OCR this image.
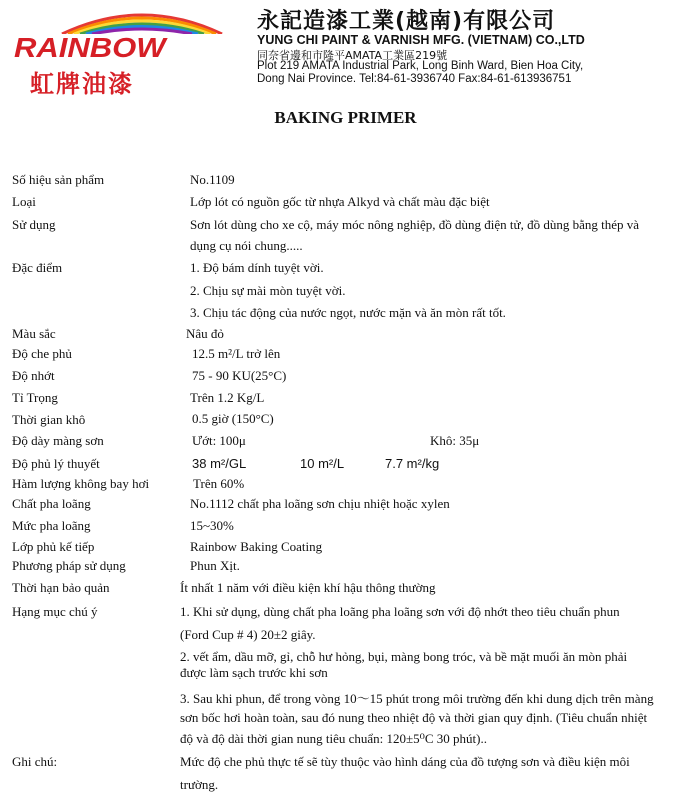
RAINBOW
虹牌油漆
永記造漆工業(越南)有限公司
YUNG CHI PAINT & VARNISH MFG. (VIETNAM) CO.,LTD
同奈省邊和市隆平AMATA工業區219號
Plot 219 AMATA Industrial Park, Long Binh Ward, Bien Hoa City,
Dong Nai Province. Tel:84-61-3936740 Fax:84-61-613936751
BAKING PRIMER
Số hiệu sản phẩm	No.1109
Loại	Lớp lót có nguồn gốc từ nhựa Alkyd và chất màu đặc biệt
Sử dụng	Sơn lót dùng cho xe cộ, máy móc nông nghiệp, đồ dùng điện tử, đồ dùng bằng thép và
dụng cụ nói chung.....
Đặc điểm	1. Độ bám dính tuyệt vời.
2. Chịu sự mài mòn tuyệt vời.
3. Chịu tác động của nước ngọt, nước mặn và ăn mòn rất tốt.
Màu sắc	Nâu đỏ
Độ che phủ	12.5 m²/L trở lên
Độ nhớt	75 - 90 KU(25°C)
Tỉ Trọng	Trên 1.2 Kg/L
Thời gian khô	0.5 giờ (150°C)
Độ dày màng sơn	Ướt: 100μ	Khô: 35μ
Độ phủ lý thuyết	38 m²/GL	10 m²/L	7.7 m²/kg
Hàm lượng không bay hơi	Trên 60%
Chất pha loãng	No.1112 chất pha loãng sơn chịu nhiệt hoặc xylen
Mức pha loãng	15~30%
Lớp phủ kế tiếp	Rainbow Baking Coating
Phương pháp sử dụng	Phun Xịt.
Thời hạn bảo quản	Ít nhất 1 năm với điều kiện khí hậu thông thường
Hạng mục chú ý	1. Khi sử dụng, dùng chất pha loãng pha loãng sơn với độ nhớt theo tiêu chuẩn phun
(Ford Cup # 4) 20±2 giây.
2. vết ẩm, dầu mỡ, gỉ, chỗ hư hỏng, bụi, màng bong tróc, và bề mặt muối ăn mòn phải
được làm sạch trước khi sơn
3. Sau khi phun, để trong vòng 10～15 phút trong môi trường đến khi dung dịch trên màng
sơn bốc hơi hoàn toàn, sau đó nung theo nhiệt độ và thời gian quy định. (Tiêu chuẩn nhiệt
độ và độ dài thời gian nung tiêu chuẩn: 120±5⁰C 30 phút)..
Ghi chú:	Mức độ che phủ thực tế sẽ tùy thuộc vào hình dáng của đồ tượng sơn và điều kiện môi
trường.
